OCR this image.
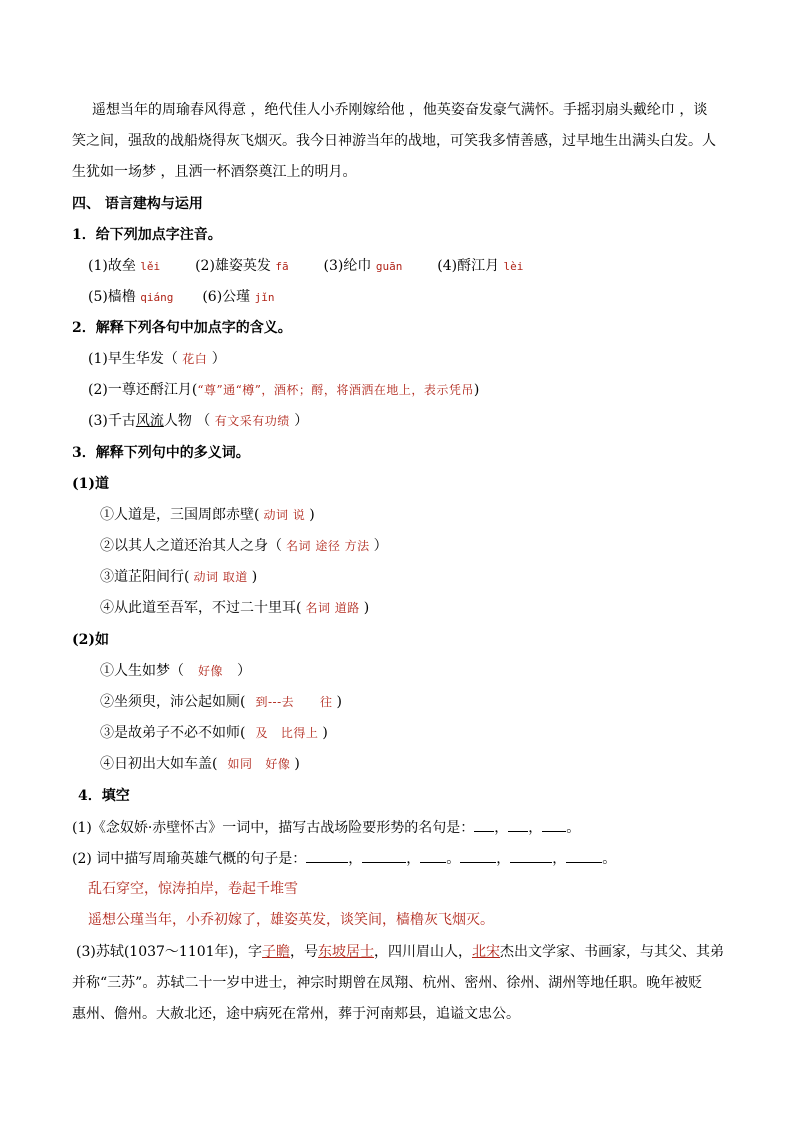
遥想当年的周瑜春风得意 ，绝代佳人小乔刚嫁给他 ，他英姿奋发豪气满怀。手摇羽扇头戴纶巾 ，谈
笑之间，强敌的战船烧得灰飞烟灭。我今日神游当年的战地，可笑我多情善感，过早地生出满头白发。人
生犹如一场梦 ，且洒一杯酒祭奠江上的明月。
四、 语言建构与运用
1．给下列加点字注音。
(1)故垒 lěi (2)雄姿英发 fā (3)纶巾 guān (4)酹江月 lèi
(5)樯橹 qiáng (6)公瑾 jǐn
2．解释下列各句中加点字的含义。
(1)早生华发（ 花白 ）
(2)一尊还酹江月(“尊”通“樽”，酒杯；酹，将酒洒在地上，表示凭吊)
(3)千古风流人物 （ 有文采有功绩 ）
3．解释下列句中的多义词。
(1)道
①人道是，三国周郎赤壁( 动词 说 )
②以其人之道还治其人之身（ 名词 途径 方法 ）
③道芷阳间行( 动词 取道 )
④从此道至吾军，不过二十里耳( 名词 道路 )
(2)如
①人生如梦（ 好像 ）
②坐须臾，沛公起如厕( 到---去      往 )
③是故弟子不必不如师( 及   比得上 )
④日初出大如车盖( 如同   好像 )
4．填空
(1)《念奴娇·赤壁怀古》一词中，描写古战场险要形势的名句是： ， ， 。
(2) 词中描写周瑜英雄气概的句子是：	，	， 。	，	，	。
乱石穿空，惊涛拍岸，卷起千堆雪
遥想公瑾当年，小乔初嫁了，雄姿英发，谈笑间，樯橹灰飞烟灭。
(3)苏轼(1037～1101年)，字子瞻，号东坡居士，四川眉山人，北宋杰出文学家、书画家，与其父、其弟
并称“三苏”。苏轼二十一岁中进士，神宗时期曾在凤翔、杭州、密州、徐州、湖州等地任职。晚年被贬
惠州、儋州。大赦北还，途中病死在常州，葬于河南郏县，追谥文忠公。
